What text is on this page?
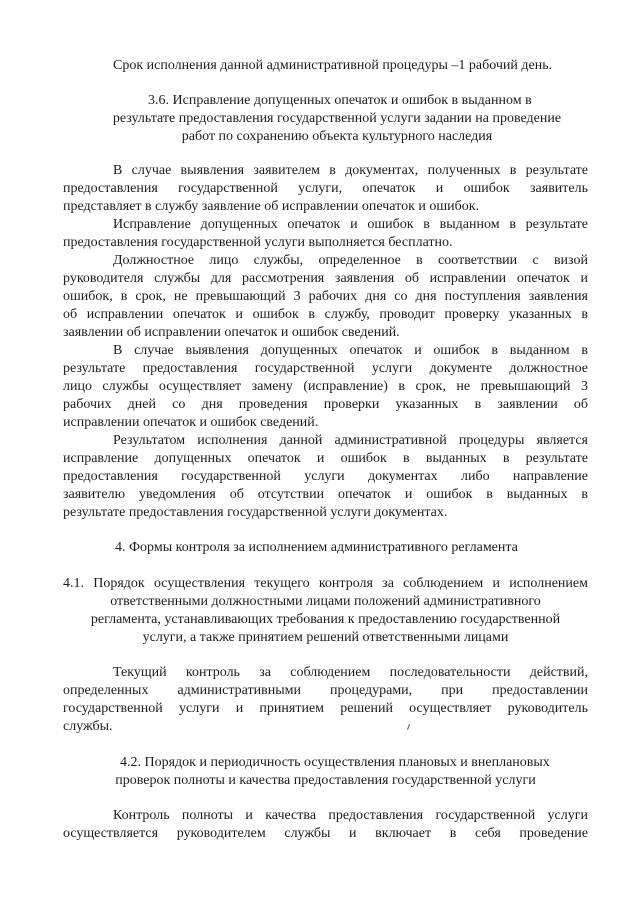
Срок исполнения данной административной процедуры –1 рабочий день.
3.6. Исправление допущенных опечаток и ошибок в выданном в
результате предоставления государственной услуги задании на проведение
работ по сохранению объекта культурного наследия
В случае выявления заявителем в документах, полученных в результате
предоставления государственной услуги, опечаток и ошибок заявитель
представляет в службу заявление об исправлении опечаток и ошибок.
Исправление допущенных опечаток и ошибок в выданном в результате
предоставления государственной услуги выполняется бесплатно.
Должностное лицо службы, определенное в соответствии с визой
руководителя службы для рассмотрения заявления об исправлении опечаток и
ошибок, в срок, не превышающий 3 рабочих дня со дня поступления заявления
об исправлении опечаток и ошибок в службу, проводит проверку указанных в
заявлении об исправлении опечаток и ошибок сведений.
В случае выявления допущенных опечаток и ошибок в выданном в
результате предоставления государственной услуги документе должностное
лицо службы осуществляет замену (исправление) в срок, не превышающий 3
рабочих дней со дня проведения проверки указанных в заявлении об
исправлении опечаток и ошибок сведений.
Результатом исполнения данной административной процедуры является
исправление допущенных опечаток и ошибок в выданных в результате
предоставления государственной услуги документах либо направление
заявителю уведомления об отсутствии опечаток и ошибок в выданных в
результате предоставления государственной услуги документах.
4. Формы контроля за исполнением административного регламента
4.1. Порядок осуществления текущего контроля за соблюдением и исполнением
ответственными должностными лицами положений административного
регламента, устанавливающих требования к предоставлению государственной
услуги, а также принятием решений ответственными лицами
Текущий контроль за соблюдением последовательности действий,
определенных административными процедурами, при предоставлении
государственной услуги и принятием решений осуществляет руководитель
службы.
4.2. Порядок и периодичность осуществления плановых и внеплановых
проверок полноты и качества предоставления государственной услуги
Контроль полноты и качества предоставления государственной услуги
осуществляется руководителем службы и включает в себя проведение
